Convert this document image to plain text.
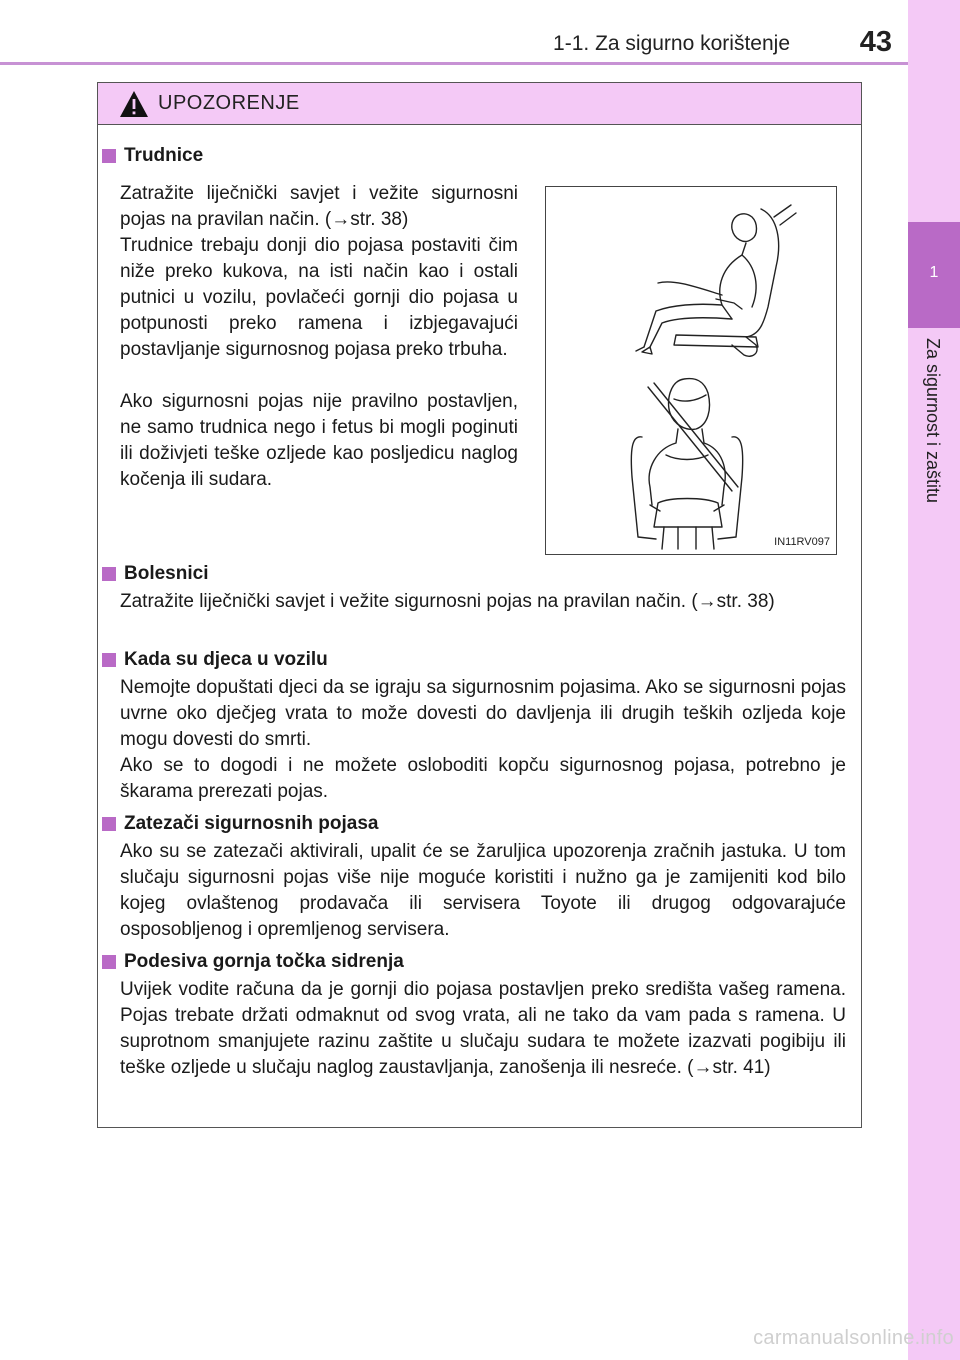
1-1. Za sigurno korištenje 43
1
Za sigurnost i zaštitu
UPOZORENJE
Trudnice
Zatražite liječnički savjet i vežite sigurnosni pojas na pravilan način. (→str. 38)
Trudnice trebaju donji dio pojasa postaviti čim niže preko kukova, na isti način kao i ostali putnici u vozilu, povlačeći gornji dio pojasa u potpunosti preko ramena i izbjegavajući postavljanje sigurnosnog pojasa preko trbuha.
Ako sigurnosni pojas nije pravilno postavljen, ne samo trudnica nego i fetus bi mogli poginuti ili doživjeti teške ozljede kao posljedicu naglog kočenja ili sudara.
IN11RV097
Bolesnici
Zatražite liječnički savjet i vežite sigurnosni pojas na pravilan način. (→str. 38)
Kada su djeca u vozilu
Nemojte dopuštati djeci da se igraju sa sigurnosnim pojasima. Ako se sigurnosni pojas uvrne oko dječjeg vrata to može dovesti do davljenja ili drugih teških ozljeda koje mogu dovesti do smrti.
Ako se to dogodi i ne možete osloboditi kopču sigurnosnog pojasa, potrebno je škarama prerezati pojas.
Zatezači sigurnosnih pojasa
Ako su se zatezači aktivirali, upalit će se žaruljica upozorenja zračnih jastuka. U tom slučaju sigurnosni pojas više nije moguće koristiti i nužno ga je zamijeniti kod bilo kojeg ovlaštenog prodavača ili servisera Toyote ili drugog odgovarajuće osposobljenog i opremljenog servisera.
Podesiva gornja točka sidrenja
Uvijek vodite računa da je gornji dio pojasa postavljen preko središta vašeg ramena. Pojas trebate držati odmaknut od svog vrata, ali ne tako da vam pada s ramena. U suprotnom smanjujete razinu zaštite u slučaju sudara te možete izazvati pogibiju ili teške ozljede u slučaju naglog zaustavljanja, zanošenja ili nesreće. (→str. 41)
carmanualsonline.info
